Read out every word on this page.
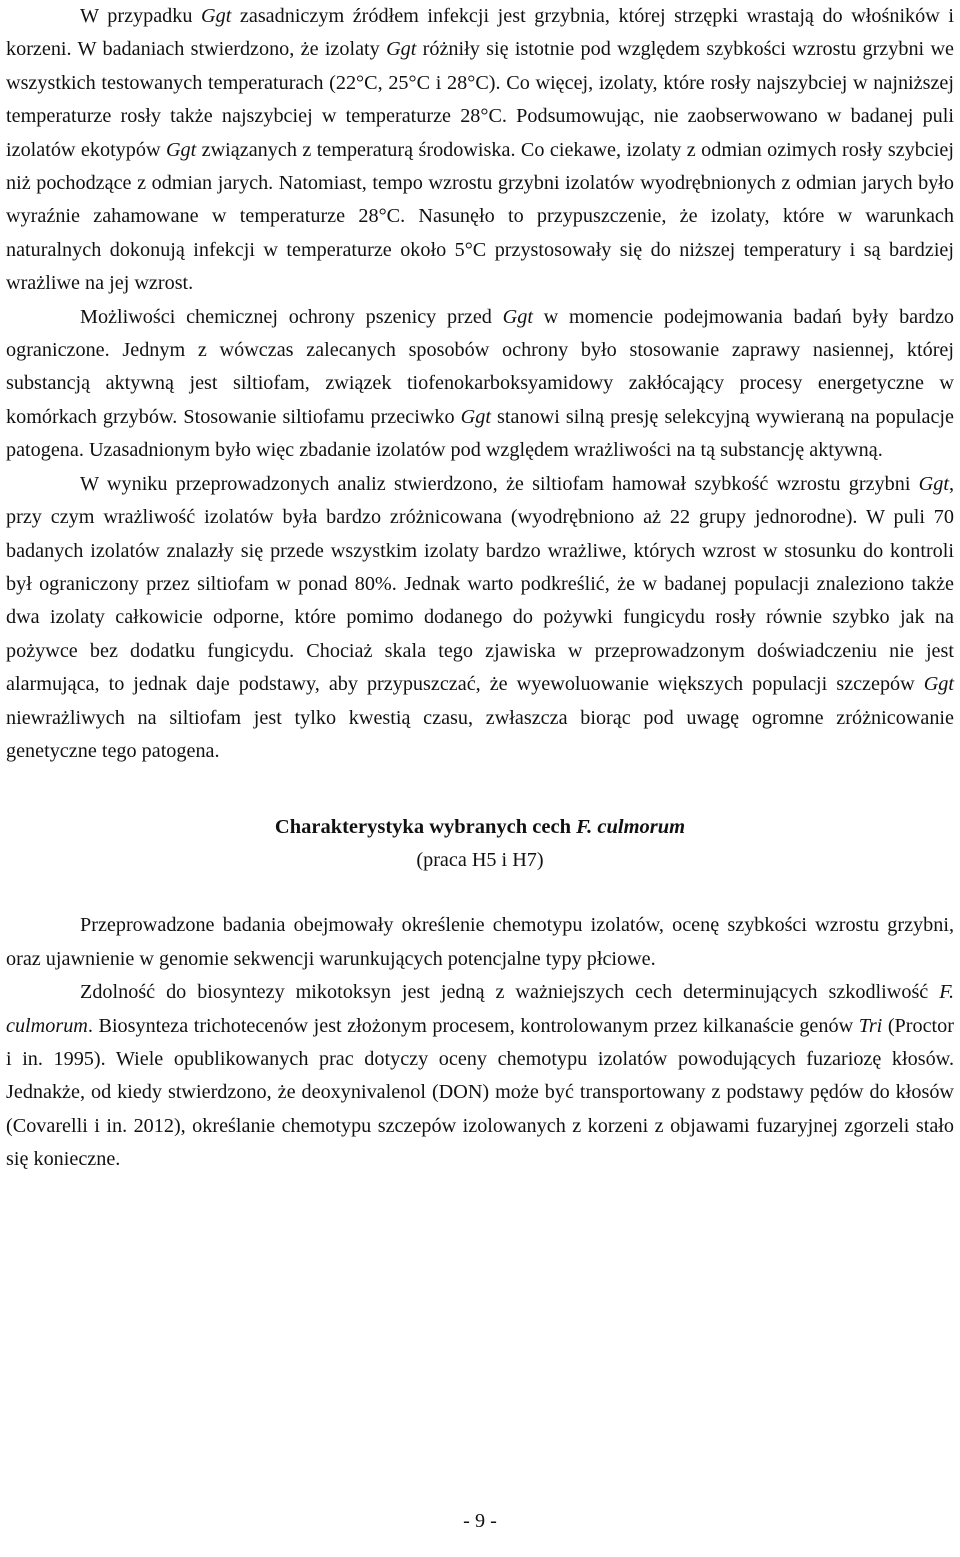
W przypadku Ggt zasadniczym źródłem infekcji jest grzybnia, której strzępki wrastają do włośników i korzeni. W badaniach stwierdzono, że izolaty Ggt różniły się istotnie pod względem szybkości wzrostu grzybni we wszystkich testowanych temperaturach (22°C, 25°C i 28°C). Co więcej, izolaty, które rosły najszybciej w najniższej temperaturze rosły także najszybciej w temperaturze 28°C. Podsumowując, nie zaobserwowano w badanej puli izolatów ekotypów Ggt związanych z temperaturą środowiska. Co ciekawe, izolaty z odmian ozimych rosły szybciej niż pochodzące z odmian jarych. Natomiast, tempo wzrostu grzybni izolatów wyodrębnionych z odmian jarych było wyraźnie zahamowane w temperaturze 28°C. Nasunęło to przypuszczenie, że izolaty, które w warunkach naturalnych dokonują infekcji w temperaturze około 5°C przystosowały się do niższej temperatury i są bardziej wrażliwe na jej wzrost.

Możliwości chemicznej ochrony pszenicy przed Ggt w momencie podejmowania badań były bardzo ograniczone. Jednym z wówczas zalecanych sposobów ochrony było stosowanie zaprawy nasiennej, której substancją aktywną jest siltiofam, związek tiofenokarboksyamidowy zakłócający procesy energetyczne w komórkach grzybów. Stosowanie siltiofamu przeciwko Ggt stanowi silną presję selekcyjną wywieraną na populacje patogena. Uzasadnionym było więc zbadanie izolatów pod względem wrażliwości na tą substancję aktywną.

W wyniku przeprowadzonych analiz stwierdzono, że siltiofam hamował szybkość wzrostu grzybni Ggt, przy czym wrażliwość izolatów była bardzo zróżnicowana (wyodrębniono aż 22 grupy jednorodne). W puli 70 badanych izolatów znalazły się przede wszystkim izolaty bardzo wrażliwe, których wzrost w stosunku do kontroli był ograniczony przez siltiofam w ponad 80%. Jednak warto podkreślić, że w badanej populacji znaleziono także dwa izolaty całkowicie odporne, które pomimo dodanego do pożywki fungicydu rosły równie szybko jak na pożywce bez dodatku fungicydu. Chociaż skala tego zjawiska w przeprowadzonym doświadczeniu nie jest alarmująca, to jednak daje podstawy, aby przypuszczać, że wyewoluowanie większych populacji szczepów Ggt niewrażliwych na siltiofam jest tylko kwestią czasu, zwłaszcza biorąc pod uwagę ogromne zróżnicowanie genetyczne tego patogena.

Charakterystyka wybranych cech F. culmorum

(praca H5 i H7)

Przeprowadzone badania obejmowały określenie chemotypu izolatów, ocenę szybkości wzrostu grzybni, oraz ujawnienie w genomie sekwencji warunkujących potencjalne typy płciowe.

Zdolność do biosyntezy mikotoksyn jest jedną z ważniejszych cech determinujących szkodliwość F. culmorum. Biosynteza trichotecenów jest złożonym procesem, kontrolowanym przez kilkanaście genów Tri (Proctor i in. 1995). Wiele opublikowanych prac dotyczy oceny chemotypu izolatów powodujących fuzariozę kłosów. Jednakże, od kiedy stwierdzono, że deoxynivalenol (DON) może być transportowany z podstawy pędów do kłosów (Covarelli i in. 2012), określanie chemotypu szczepów izolowanych z korzeni z objawami fuzaryjnej zgorzeli stało się konieczne.

- 9 -
